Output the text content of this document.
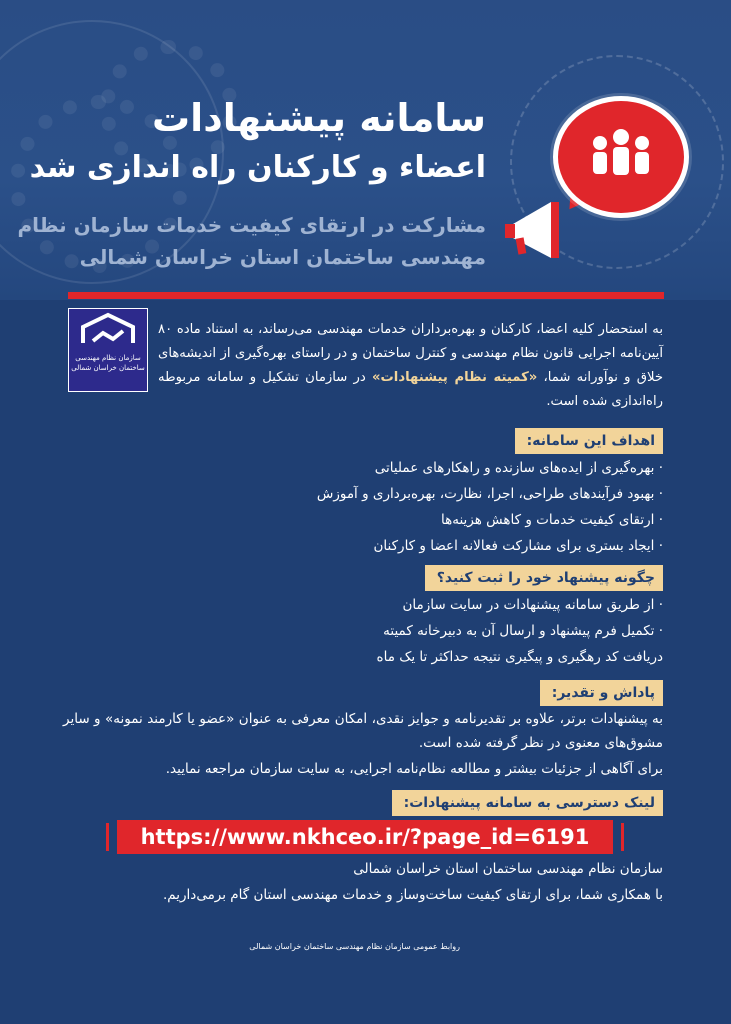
سامانه پیشنهادات
اعضاء و کارکنان راه اندازی شد
مشارکت در ارتقای کیفیت خدمات سازمان نظام
مهندسی ساختمان استان خراسان شمالی
سازمان نظام مهندسی ساختمان خراسان شمالی
به استحضار کلیه اعضا، کارکنان و بهره‌برداران خدمات مهندسی می‌رساند، به استناد ماده ۸۰ آیین‌نامه اجرایی قانون نظام مهندسی و کنترل ساختمان و در راستای بهره‌گیری از اندیشه‌های خلاق و نوآورانه شما، «کمیته نظام پیشنهادات» در سازمان تشکیل و سامانه مربوطه راه‌اندازی شده است.
اهداف این سامانه:
· بهره‌گیری از ایده‌های سازنده و راهکارهای عملیاتی
· بهبود فرآیندهای طراحی، اجرا، نظارت، بهره‌برداری و آموزش
· ارتقای کیفیت خدمات و کاهش هزینه‌ها
· ایجاد بستری برای مشارکت فعالانه اعضا و کارکنان
چگونه پیشنهاد خود را ثبت کنید؟
· از طریق سامانه پیشنهادات در سایت سازمان
· تکمیل فرم پیشنهاد و ارسال آن به دبیرخانه کمیته
دریافت کد رهگیری و پیگیری نتیجه حداکثر تا یک ماه
پاداش و تقدیر:
به پیشنهادات برتر، علاوه بر تقدیرنامه و جوایز نقدی، امکان معرفی به عنوان «عضو یا کارمند نمونه» و سایر مشوق‌های معنوی در نظر گرفته شده است.
برای آگاهی از جزئیات بیشتر و مطالعه نظام‌نامه اجرایی، به سایت سازمان مراجعه نمایید.
لینک دسترسی به سامانه پیشنهادات:
https://www.nkhceo.ir/?page_id=6191
سازمان نظام مهندسی ساختمان استان خراسان شمالی
با همکاری شما، برای ارتقای کیفیت ساخت‌وساز و خدمات مهندسی استان گام برمی‌داریم.
روابط عمومی سازمان نظام مهندسی ساختمان خراسان شمالی
